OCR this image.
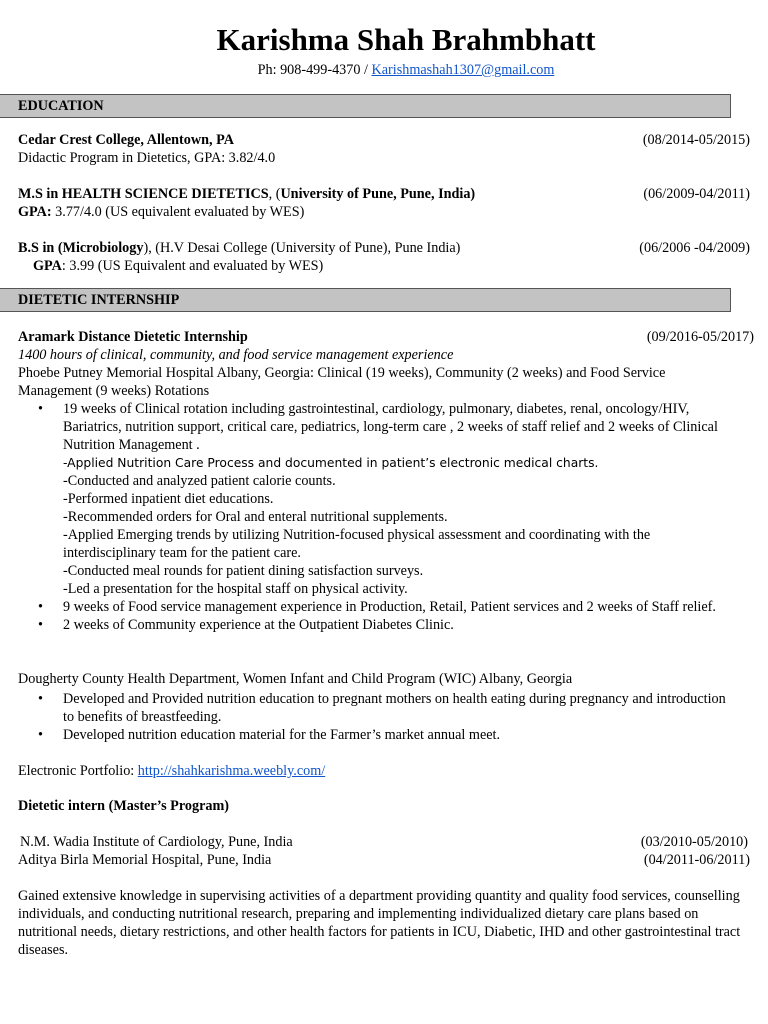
Karishma Shah Brahmbhatt
Ph: 908-499-4370 / Karishmashah1307@gmail.com
EDUCATION
Cedar Crest College, Allentown, PA	(08/2014-05/2015)
Didactic Program in Dietetics, GPA: 3.82/4.0
M.S in HEALTH SCIENCE DIETETICS, (University of Pune, Pune, India)	(06/2009-04/2011)
GPA: 3.77/4.0 (US equivalent evaluated by WES)
B.S in (Microbiology), (H.V Desai College (University of Pune), Pune India)	(06/2006 -04/2009)
GPA: 3.99 (US Equivalent and evaluated by WES)
DIETETIC INTERNSHIP
Aramark Distance Dietetic Internship	(09/2016-05/2017)
1400 hours of clinical, community, and food service management experience
Phoebe Putney Memorial Hospital Albany, Georgia: Clinical (19 weeks), Community (2 weeks) and Food Service
Management (9 weeks) Rotations
• 19 weeks of Clinical rotation including gastrointestinal, cardiology, pulmonary, diabetes, renal, oncology/HIV, Bariatrics, nutrition support, critical care, pediatrics, long-term care , 2 weeks of staff relief and 2 weeks of Clinical Nutrition Management .
-Applied Nutrition Care Process and documented in patient’s electronic medical charts.
-Conducted and analyzed patient calorie counts.
-Performed inpatient diet educations.
-Recommended orders for Oral and enteral nutritional supplements.
-Applied Emerging trends by utilizing Nutrition-focused physical assessment and coordinating with the interdisciplinary team for the patient care.
-Conducted meal rounds for patient dining satisfaction surveys.
-Led a presentation for the hospital staff on physical activity.
• 9 weeks of Food service management experience in Production, Retail, Patient services and 2 weeks of Staff relief.
• 2 weeks of Community experience at the Outpatient Diabetes Clinic.
Dougherty County Health Department, Women Infant and Child Program (WIC) Albany, Georgia
• Developed and Provided nutrition education to pregnant mothers on health eating during pregnancy and introduction to benefits of breastfeeding.
• Developed nutrition education material for the Farmer’s market annual meet.
Electronic Portfolio: http://shahkarishma.weebly.com/
Dietetic intern (Master’s Program)
N.M. Wadia Institute of Cardiology, Pune, India	(03/2010-05/2010)
Aditya Birla Memorial Hospital, Pune, India	(04/2011-06/2011)
Gained extensive knowledge in supervising activities of a department providing quantity and quality food services, counselling individuals, and conducting nutritional research, preparing and implementing individualized dietary care plans based on nutritional needs, dietary restrictions, and other health factors for patients in ICU, Diabetic, IHD and other gastrointestinal tract diseases.
